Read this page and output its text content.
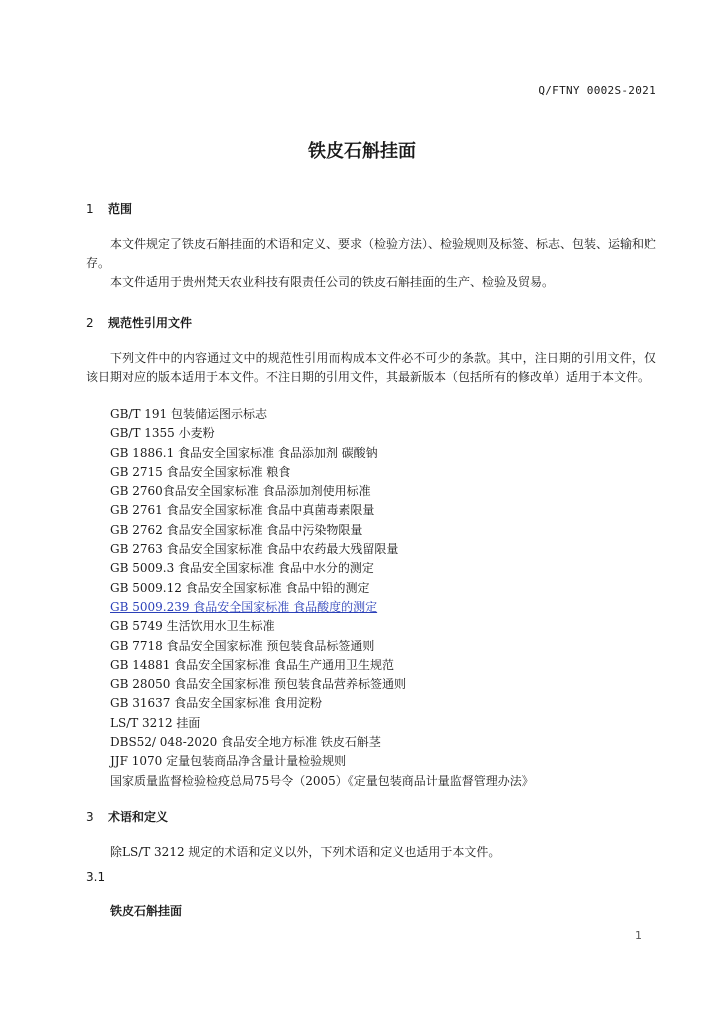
Q/FTNY 0002S-2021
铁皮石斛挂面
1 范围
本文件规定了铁皮石斛挂面的术语和定义、要求（检验方法）、检验规则及标签、标志、包装、运输和贮存。
本文件适用于贵州梵天农业科技有限责任公司的铁皮石斛挂面的生产、检验及贸易。
2 规范性引用文件
下列文件中的内容通过文中的规范性引用而构成本文件必不可少的条款。其中，注日期的引用文件，仅该日期对应的版本适用于本文件。不注日期的引用文件，其最新版本（包括所有的修改单）适用于本文件。
GB/T 191 包装储运图示标志
GB/T 1355 小麦粉
GB 1886.1 食品安全国家标准 食品添加剂 碳酸钠
GB 2715 食品安全国家标准 粮食
GB 2760食品安全国家标准 食品添加剂使用标准
GB 2761 食品安全国家标准 食品中真菌毒素限量
GB 2762 食品安全国家标准 食品中污染物限量
GB 2763 食品安全国家标准 食品中农药最大残留限量
GB 5009.3 食品安全国家标准 食品中水分的测定
GB 5009.12 食品安全国家标准 食品中铅的测定
GB 5009.239 食品安全国家标准 食品酸度的测定
GB 5749 生活饮用水卫生标准
GB 7718 食品安全国家标准 预包装食品标签通则
GB 14881 食品安全国家标准 食品生产通用卫生规范
GB 28050 食品安全国家标准 预包装食品营养标签通则
GB 31637 食品安全国家标准 食用淀粉
LS/T 3212 挂面
DBS52/ 048-2020 食品安全地方标准 铁皮石斛茎
JJF 1070 定量包装商品净含量计量检验规则
国家质量监督检验检疫总局75号令（2005）《定量包装商品计量监督管理办法》
3 术语和定义
除LS/T 3212 规定的术语和定义以外，下列术语和定义也适用于本文件。
3.1
铁皮石斛挂面
1
